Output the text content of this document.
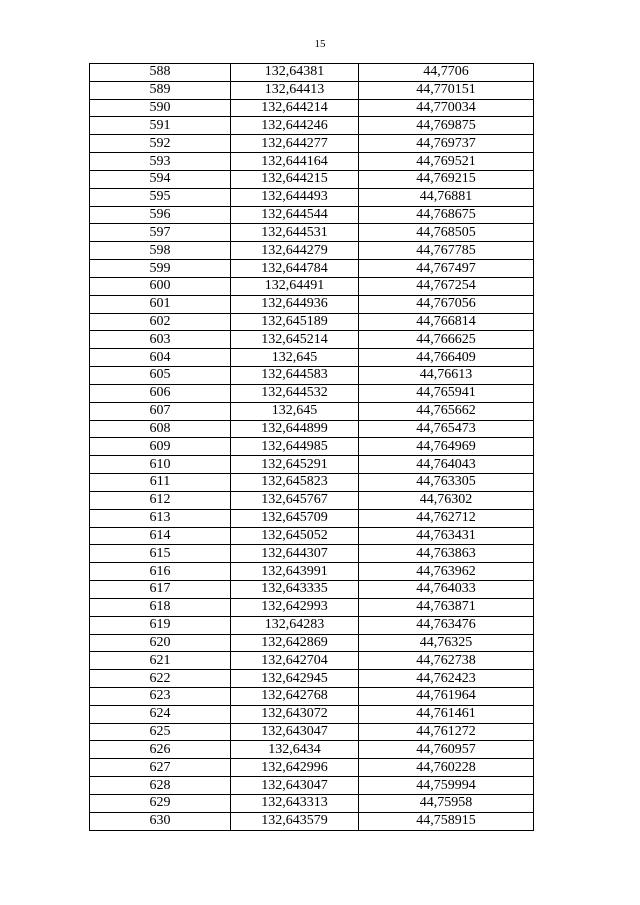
15
588	132,64381	44,7706
589	132,64413	44,770151
590	132,644214	44,770034
591	132,644246	44,769875
592	132,644277	44,769737
593	132,644164	44,769521
594	132,644215	44,769215
595	132,644493	44,76881
596	132,644544	44,768675
597	132,644531	44,768505
598	132,644279	44,767785
599	132,644784	44,767497
600	132,64491	44,767254
601	132,644936	44,767056
602	132,645189	44,766814
603	132,645214	44,766625
604	132,645	44,766409
605	132,644583	44,76613
606	132,644532	44,765941
607	132,645	44,765662
608	132,644899	44,765473
609	132,644985	44,764969
610	132,645291	44,764043
611	132,645823	44,763305
612	132,645767	44,76302
613	132,645709	44,762712
614	132,645052	44,763431
615	132,644307	44,763863
616	132,643991	44,763962
617	132,643335	44,764033
618	132,642993	44,763871
619	132,64283	44,763476
620	132,642869	44,76325
621	132,642704	44,762738
622	132,642945	44,762423
623	132,642768	44,761964
624	132,643072	44,761461
625	132,643047	44,761272
626	132,6434	44,760957
627	132,642996	44,760228
628	132,643047	44,759994
629	132,643313	44,75958
630	132,643579	44,758915
